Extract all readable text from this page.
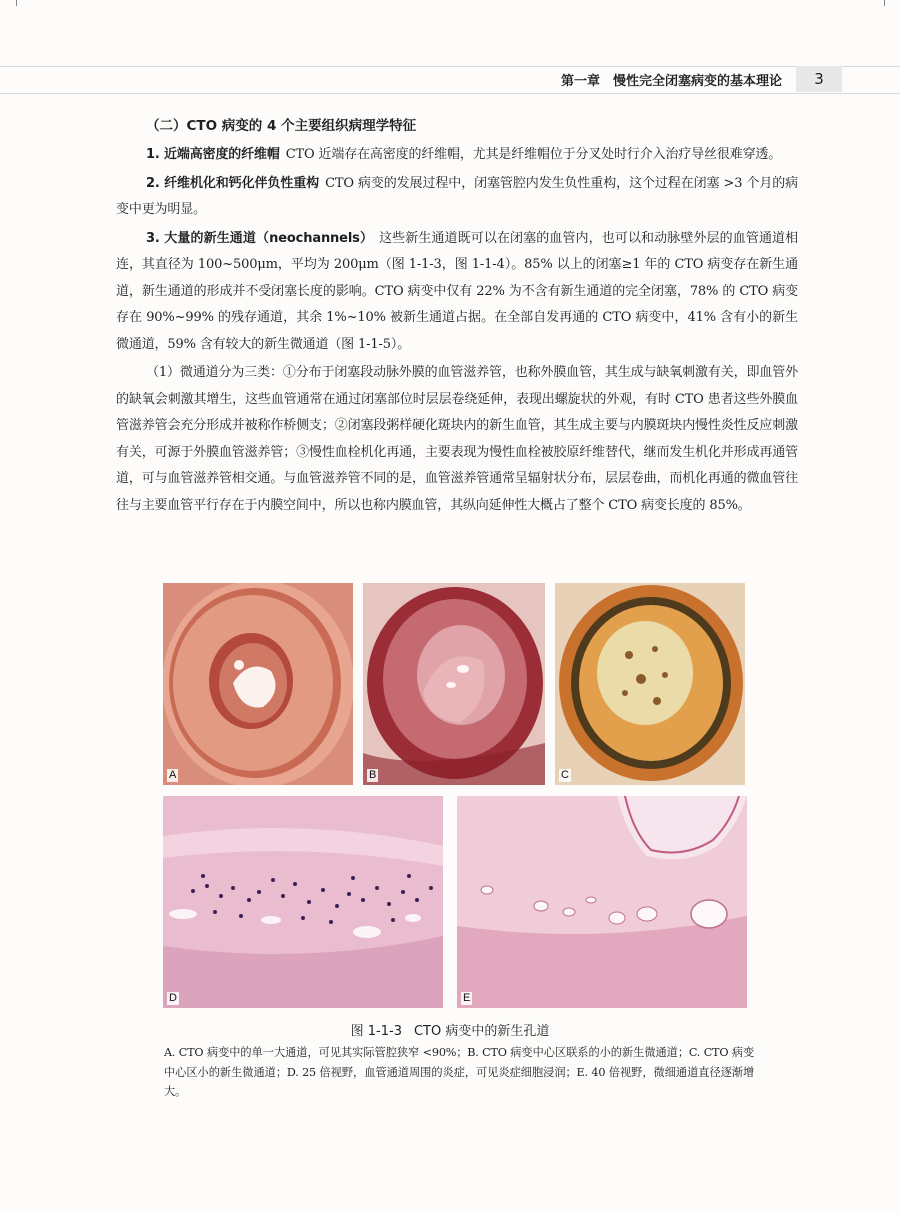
第一章　慢性完全闭塞病变的基本理论	3
（二）CTO 病变的 4 个主要组织病理学特征

1. 近端高密度的纤维帽 CTO 近端存在高密度的纤维帽，尤其是纤维帽位于分叉处时行介入治疗导丝很难穿透。

2. 纤维机化和钙化伴负性重构 CTO 病变的发展过程中，闭塞管腔内发生负性重构，这个过程在闭塞 >3 个月的病变中更为明显。

3. 大量的新生通道（neochannels） 这些新生通道既可以在闭塞的血管内，也可以和动脉壁外层的血管通道相连，其直径为 100~500μm，平均为 200μm（图 1-1-3，图 1-1-4）。85% 以上的闭塞≥1 年的 CTO 病变存在新生通道，新生通道的形成并不受闭塞长度的影响。CTO 病变中仅有 22% 为不含有新生通道的完全闭塞，78% 的 CTO 病变存在 90%~99% 的残存通道，其余 1%~10% 被新生通道占据。在全部自发再通的 CTO 病变中，41% 含有小的新生微通道，59% 含有较大的新生微通道（图 1-1-5）。

（1）微通道分为三类：①分布于闭塞段动脉外膜的血管滋养管，也称外膜血管，其生成与缺氧刺激有关，即血管外的缺氧会刺激其增生，这些血管通常在通过闭塞部位时层层卷绕延伸，表现出螺旋状的外观，有时 CTO 患者这些外膜血管滋养管会充分形成并被称作桥侧支；②闭塞段粥样硬化斑块内的新生血管，其生成主要与内膜斑块内慢性炎性反应刺激有关，可源于外膜血管滋养管；③慢性血栓机化再通，主要表现为慢性血栓被胶原纤维替代，继而发生机化并形成再通管道，可与血管滋养管相交通。与血管滋养管不同的是，血管滋养管通常呈辐射状分布，层层卷曲，而机化再通的微血管往往与主要血管平行存在于内膜空间中，所以也称内膜血管，其纵向延伸性大概占了整个 CTO 病变长度的 85%。

A	B	C
D	E
图 1-1-3 CTO 病变中的新生孔道
A. CTO 病变中的单一大通道，可见其实际管腔狭窄 <90%；B. CTO 病变中心区联系的小的新生微通道；C. CTO 病变中心区小的新生微通道；D. 25 倍视野，血管通道周围的炎症，可见炎症细胞浸润；E. 40 倍视野，微细通道直径逐渐增大。
